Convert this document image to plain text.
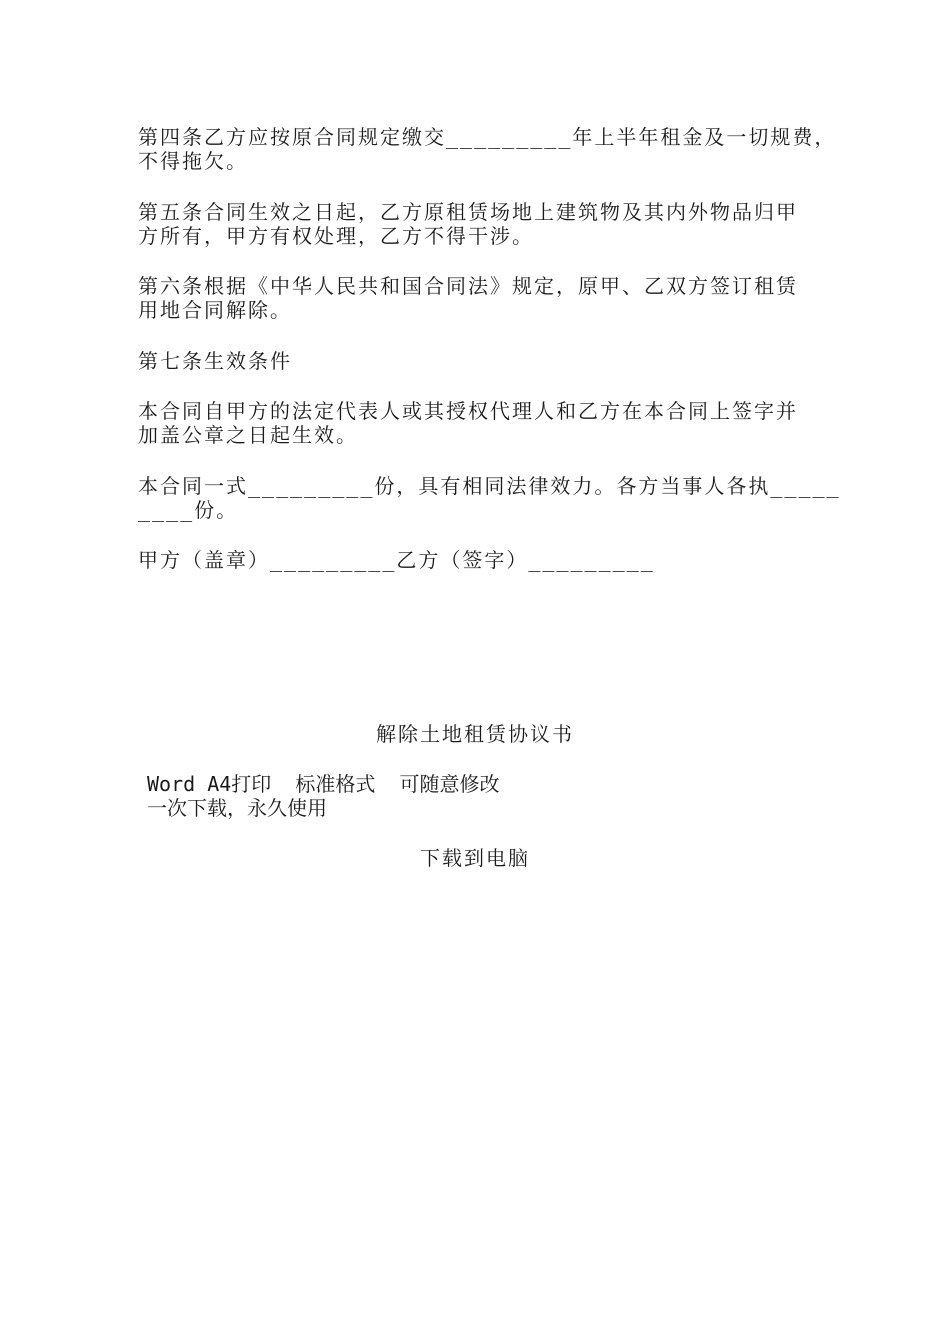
第四条乙方应按原合同规定缴交_________年上半年租金及一切规费，
不得拖欠。

第五条合同生效之日起，乙方原租赁场地上建筑物及其内外物品归甲
方所有，甲方有权处理，乙方不得干涉。

第六条根据《中华人民共和国合同法》规定，原甲、乙双方签订租赁
用地合同解除。

第七条生效条件

本合同自甲方的法定代表人或其授权代理人和乙方在本合同上签字并
加盖公章之日起生效。

本合同一式_________份，具有相同法律效力。各方当事人各执_____
____份。

甲方（盖章）_________乙方（签字）_________

解除土地租赁协议书

Word A4打印  标准格式  可随意修改
一次下载，永久使用

下载到电脑
